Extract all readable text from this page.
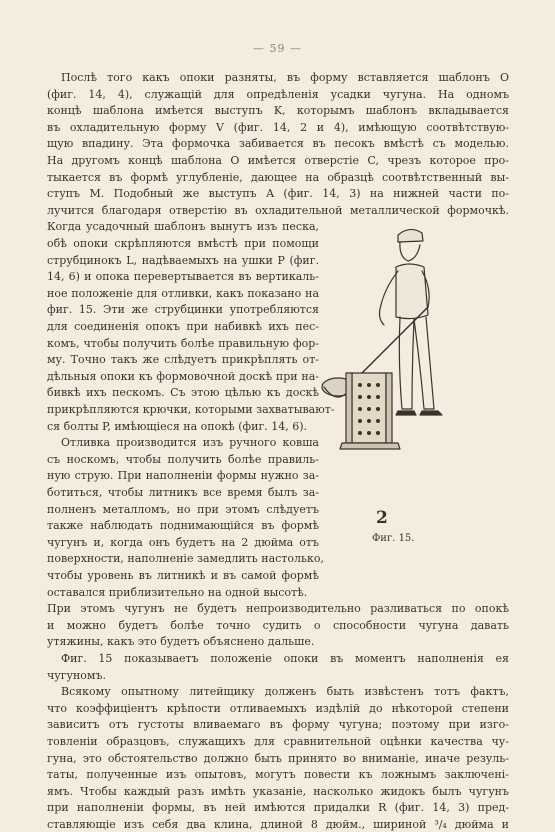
— 59 —
Послѣ того какъ опоки разняты, въ форму вставляется шаблонъ O
(фиг. 14, 4), служащій для опредѣленія усадки чугуна. На одномъ
концѣ шаблона имѣется выступъ K, которымъ шаблонъ вкладывается
въ охладительную форму V (фиг. 14, 2 и 4), имѣющую соотвѣтствую-
щую впадину. Эта формочка забивается въ песокъ вмѣстѣ съ моделью.
На другомъ концѣ шаблона O имѣется отверстіе C, чрезъ которое про-
тыкается въ формѣ углубленіе, дающее на образцѣ соотвѣтственный вы-
ступъ M. Подобный же выступъ A (фиг. 14, 3) на нижней части по-
лучится благодаря отверстію въ охладительной металлической формочкѣ.
Когда усадочный шаблонъ вынутъ изъ песка,
обѣ опоки скрѣпляются вмѣстѣ при помощи
струбцинокъ L, надѣваемыхъ на ушки P (фиг.
14, 6) и опока перевертывается въ вертикаль-
ное положеніе для отливки, какъ показано на
фиг. 15. Эти же струбцинки употребляются
для соединенія опокъ при набивкѣ ихъ пес-
комъ, чтобы получить болѣе правильную фор-
му. Точно такъ же слѣдуетъ прикрѣплять от-
дѣльныя опоки къ формовочной доскѣ при на-
бивкѣ ихъ пескомъ. Съ этою цѣлью къ доскѣ
прикрѣпляются крючки, которыми захватывают-
ся болты P, имѣющіеся на опокѣ (фиг. 14, 6).
Отливка производится изъ ручного ковша
съ носкомъ, чтобы получить болѣе правиль-
ную струю. При наполненіи формы нужно за-
ботиться, чтобы литникъ все время былъ за-
полненъ металломъ, но при этомъ слѣдуетъ
также наблюдать поднимающійся въ формѣ
чугунъ и, когда онъ будетъ на 2 дюйма отъ
поверхности, наполненіе замедлить настолько,
чтобы уровень въ литникѣ и въ самой формѣ
оставался приблизительно на одной высотѣ.
При этомъ чугунъ не будетъ непроизводительно разливаться по опокѣ
и можно будетъ болѣе точно судить о способности чугуна давать
утяжины, какъ это будетъ объяснено дальше.
Фиг. 15 показываетъ положеніе опоки въ моментъ наполненія ея
чугуномъ.
Всякому опытному литейщику долженъ быть извѣстенъ тотъ фактъ,
что коэффиціентъ крѣпости отливаемыхъ издѣлій до нѣкоторой степени
зависитъ отъ густоты вливаемаго въ форму чугуна; поэтому при изго-
товленіи образцовъ, служащихъ для сравнительной оцѣнки качества чу-
гуна, это обстоятельство должно быть принято во вниманіе, иначе резуль-
таты, полученные изъ опытовъ, могутъ повести къ ложнымъ заключені-
ямъ. Чтобы каждый разъ имѣть указаніе, насколько жидокъ былъ чугунъ
при наполненіи формы, въ ней имѣются придалки R (фиг. 14, 3) пред-
ставляющіе изъ себя два клина, длиной 8 дюйм., шириной ³/₄ дюйма и
2
Фиг. 15.
